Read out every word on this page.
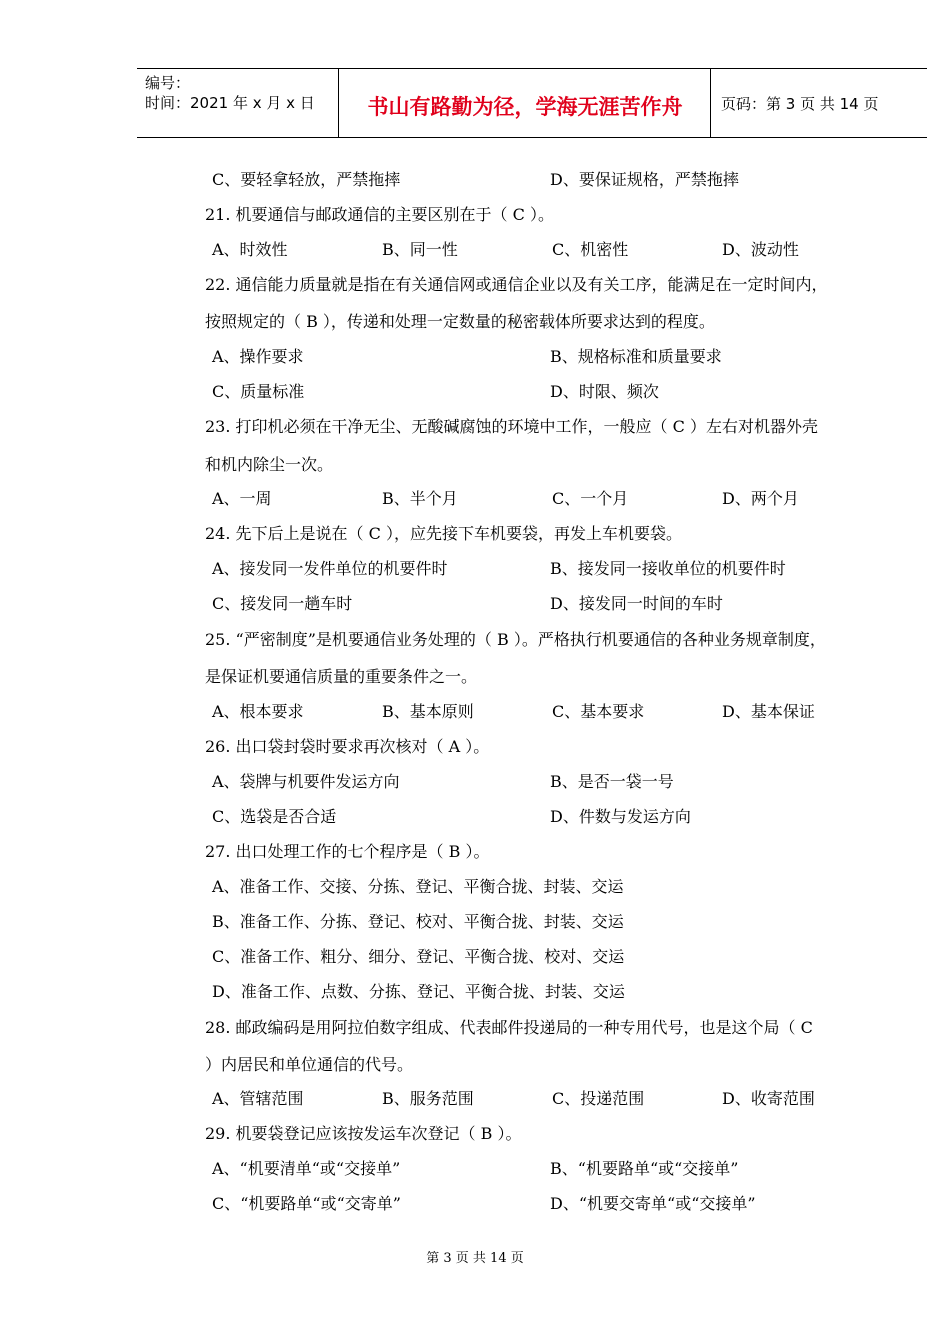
编号：
时间：2021 年 x 月 x 日	书山有路勤为径，学海无涯苦作舟	页码：第 3 页 共 14 页
C、要轻拿轻放，严禁拖摔	D、要保证规格，严禁拖摔
21. 机要通信与邮政通信的主要区别在于（ C ）。
A、时效性	B、同一性	C、机密性	D、波动性
22. 通信能力质量就是指在有关通信网或通信企业以及有关工序，能满足在一定时间内，
按照规定的（ B ），传递和处理一定数量的秘密载体所要求达到的程度。
A、操作要求	B、规格标准和质量要求
C、质量标准	D、时限、频次
23. 打印机必须在干净无尘、无酸碱腐蚀的环境中工作，一般应（ C ）左右对机器外壳
和机内除尘一次。
A、一周	B、半个月	C、一个月	D、两个月
24. 先下后上是说在（ C ），应先接下车机要袋，再发上车机要袋。
A、接发同一发件单位的机要件时	B、接发同一接收单位的机要件时
C、接发同一趟车时	D、接发同一时间的车时
25. “严密制度”是机要通信业务处理的（ B ）。严格执行机要通信的各种业务规章制度，
是保证机要通信质量的重要条件之一。
A、根本要求	B、基本原则	C、基本要求	D、基本保证
26. 出口袋封袋时要求再次核对（ A ）。
A、袋牌与机要件发运方向	B、是否一袋一号
C、选袋是否合适	D、件数与发运方向
27. 出口处理工作的七个程序是（ B ）。
A、准备工作、交接、分拣、登记、平衡合拢、封装、交运
B、准备工作、分拣、登记、校对、平衡合拢、封装、交运
C、准备工作、粗分、细分、登记、平衡合拢、校对、交运
D、准备工作、点数、分拣、登记、平衡合拢、封装、交运
28. 邮政编码是用阿拉伯数字组成、代表邮件投递局的一种专用代号，也是这个局（ C
）内居民和单位通信的代号。
A、管辖范围	B、服务范围	C、投递范围	D、收寄范围
29. 机要袋登记应该按发运车次登记（ B ）。
A、“机要清单“或“交接单”	B、“机要路单“或“交接单”
C、“机要路单“或“交寄单”	D、“机要交寄单“或“交接单”
第 3 页 共 14 页
